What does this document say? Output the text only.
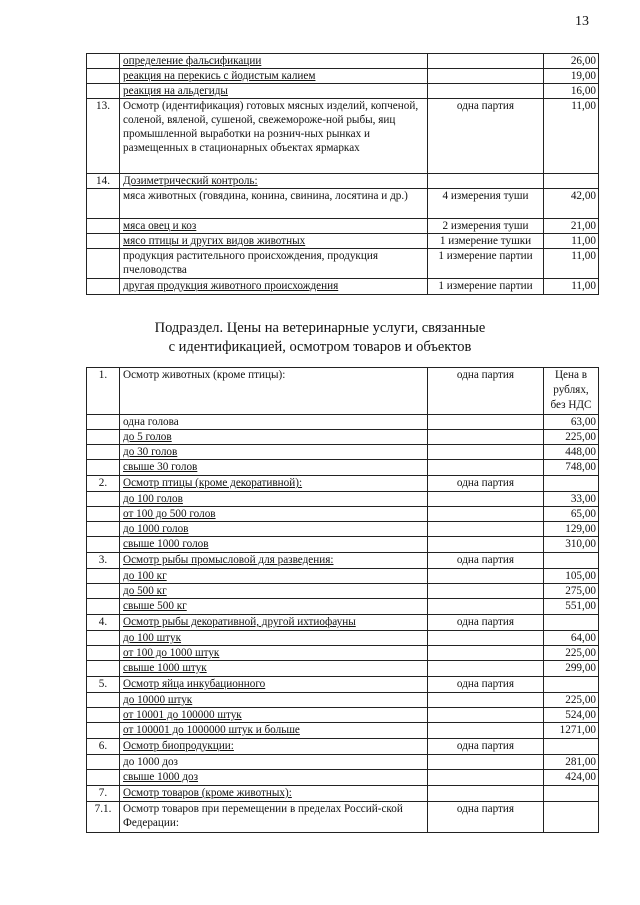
13
	определение фальсификации		26,00
	реакция на перекись с йодистым калием		19,00
	реакция на альдегиды		16,00
13.	Осмотр (идентификация) готовых мясных изделий, копченой, соленой, вяленой, сушеной, свежеморожe-ной рыбы, яиц промышленной выработки на рознич-ных рынках и размещенных в стационарных объектах ярмарках	одна партия	11,00
14.	Дозиметрический контроль:		
	мяса животных (говядина, конина, свинина, лосятина и др.)	4 измерения туши	42,00
	мяса овец и коз	2 измерения туши	21,00
	мясо птицы и других видов животных	1 измерение тушки	11,00
	продукция растительного происхождения, продукция пчеловодства	1 измерение партии	11,00
	другая продукция животного происхождения	1 измерение партии	11,00
Подраздел. Цены на ветеринарные услуги, связанные
с идентификацией, осмотром товаров и объектов
1.	Осмотр животных (кроме птицы):	одна партия	Цена в рублях, без НДС
	одна голова		63,00
	до 5 голов		225,00
	до 30 голов		448,00
	свыше 30 голов		748,00
2.	Осмотр птицы (кроме декоративной):	одна партия	
	до 100 голов		33,00
	от 100 до 500 голов		65,00
	до 1000 голов		129,00
	свыше 1000 голов		310,00
3.	Осмотр рыбы промысловой для разведения:	одна партия	
	до 100 кг		105,00
	до 500 кг		275,00
	свыше 500 кг		551,00
4.	Осмотр рыбы декоративной, другой ихтиофауны	одна партия	
	до 100 штук		64,00
	от 100 до 1000 штук		225,00
	свыше 1000 штук		299,00
5.	Осмотр яйца инкубационного	одна партия	
	до 10000 штук		225,00
	от 10001 до 100000 штук		524,00
	от 100001 до 1000000 штук и больше		1271,00
6.	Осмотр биопродукции:	одна партия	
	до 1000 доз		281,00
	свыше 1000 доз		424,00
7.	Осмотр товаров (кроме животных):		
7.1.	Осмотр товаров при перемещении в пределах Россий-ской Федерации:	одна партия	
